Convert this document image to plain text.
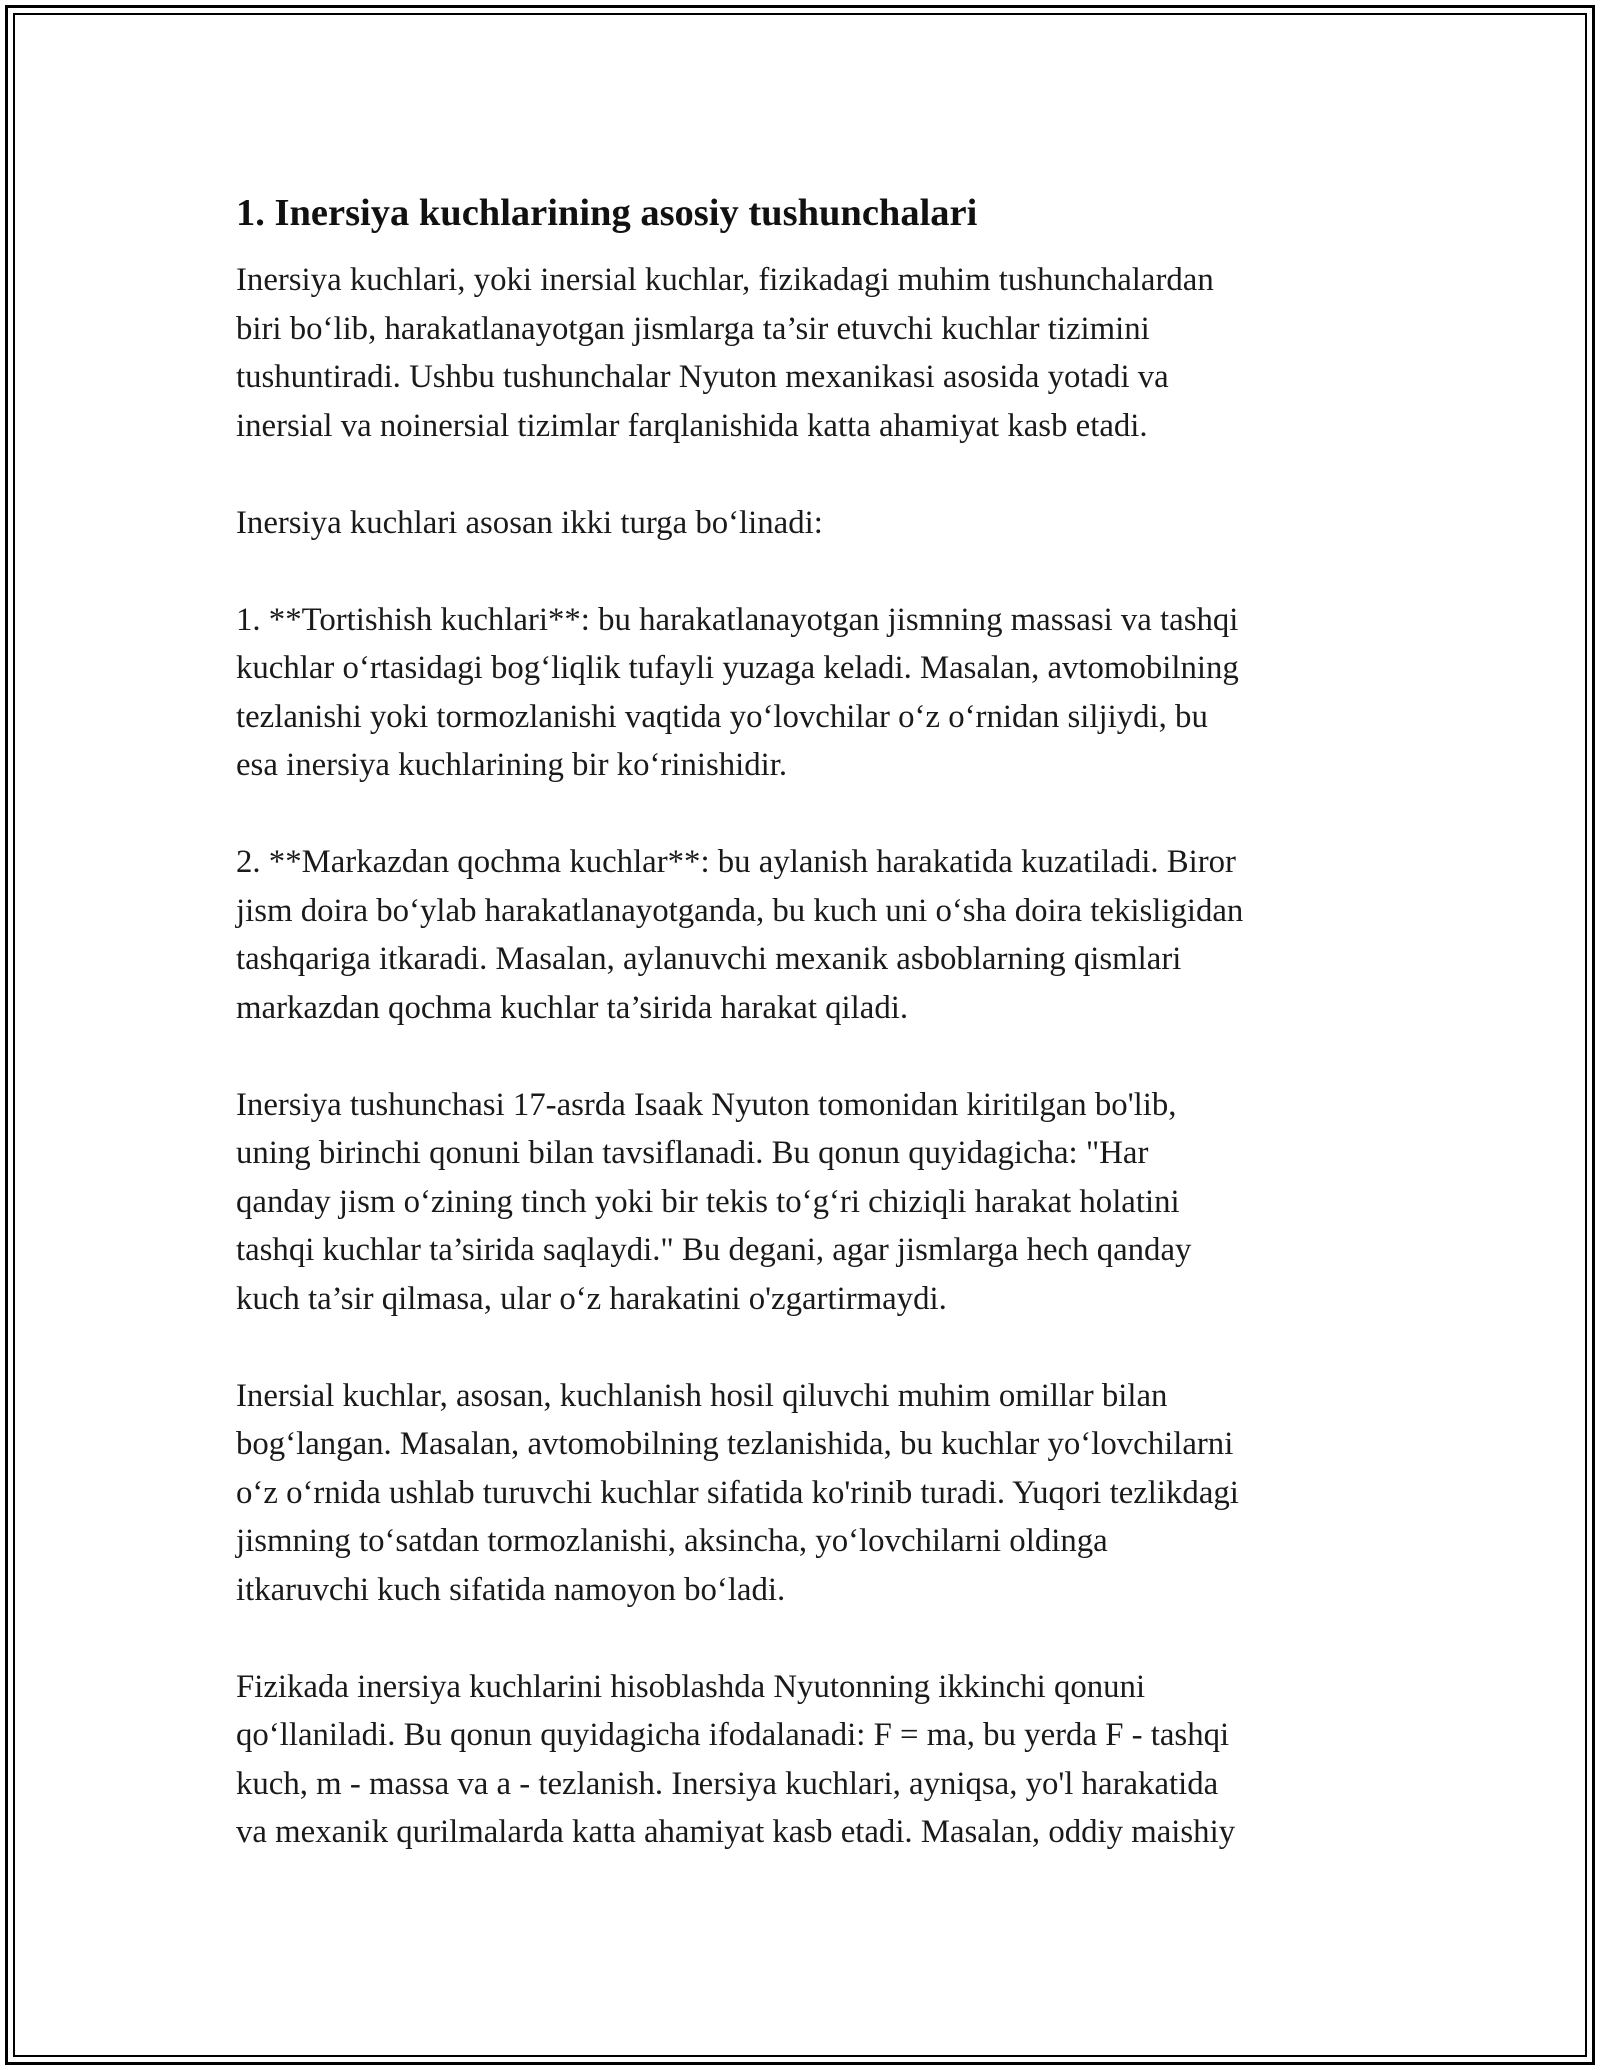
1. Inersiya kuchlarining asosiy tushunchalari

Inersiya kuchlari, yoki inersial kuchlar, fizikadagi muhim tushunchalardan
biri bo‘lib, harakatlanayotgan jismlarga ta’sir etuvchi kuchlar tizimini
tushuntiradi. Ushbu tushunchalar Nyuton mexanikasi asosida yotadi va
inersial va noinersial tizimlar farqlanishida katta ahamiyat kasb etadi.

Inersiya kuchlari asosan ikki turga bo‘linadi:

1. **Tortishish kuchlari**: bu harakatlanayotgan jismning massasi va tashqi
kuchlar o‘rtasidagi bog‘liqlik tufayli yuzaga keladi. Masalan, avtomobilning
tezlanishi yoki tormozlanishi vaqtida yo‘lovchilar o‘z o‘rnidan siljiydi, bu
esa inersiya kuchlarining bir ko‘rinishidir.

2. **Markazdan qochma kuchlar**: bu aylanish harakatida kuzatiladi. Biror
jism doira bo‘ylab harakatlanayotganda, bu kuch uni o‘sha doira tekisligidan
tashqariga itkaradi. Masalan, aylanuvchi mexanik asboblarning qismlari
markazdan qochma kuchlar ta’sirida harakat qiladi.

Inersiya tushunchasi 17-asrda Isaak Nyuton tomonidan kiritilgan bo'lib,
uning birinchi qonuni bilan tavsiflanadi. Bu qonun quyidagicha: "Har
qanday jism o‘zining tinch yoki bir tekis to‘g‘ri chiziqli harakat holatini
tashqi kuchlar ta’sirida saqlaydi." Bu degani, agar jismlarga hech qanday
kuch ta’sir qilmasa, ular o‘z harakatini o'zgartirmaydi.

Inersial kuchlar, asosan, kuchlanish hosil qiluvchi muhim omillar bilan
bog‘langan. Masalan, avtomobilning tezlanishida, bu kuchlar yo‘lovchilarni
o‘z o‘rnida ushlab turuvchi kuchlar sifatida ko'rinib turadi. Yuqori tezlikdagi
jismning to‘satdan tormozlanishi, aksincha, yo‘lovchilarni oldinga
itkaruvchi kuch sifatida namoyon bo‘ladi.

Fizikada inersiya kuchlarini hisoblashda Nyutonning ikkinchi qonuni
qo‘llaniladi. Bu qonun quyidagicha ifodalanadi: F = ma, bu yerda F - tashqi
kuch, m - massa va a - tezlanish. Inersiya kuchlari, ayniqsa, yo'l harakatida
va mexanik qurilmalarda katta ahamiyat kasb etadi. Masalan, oddiy maishiy
